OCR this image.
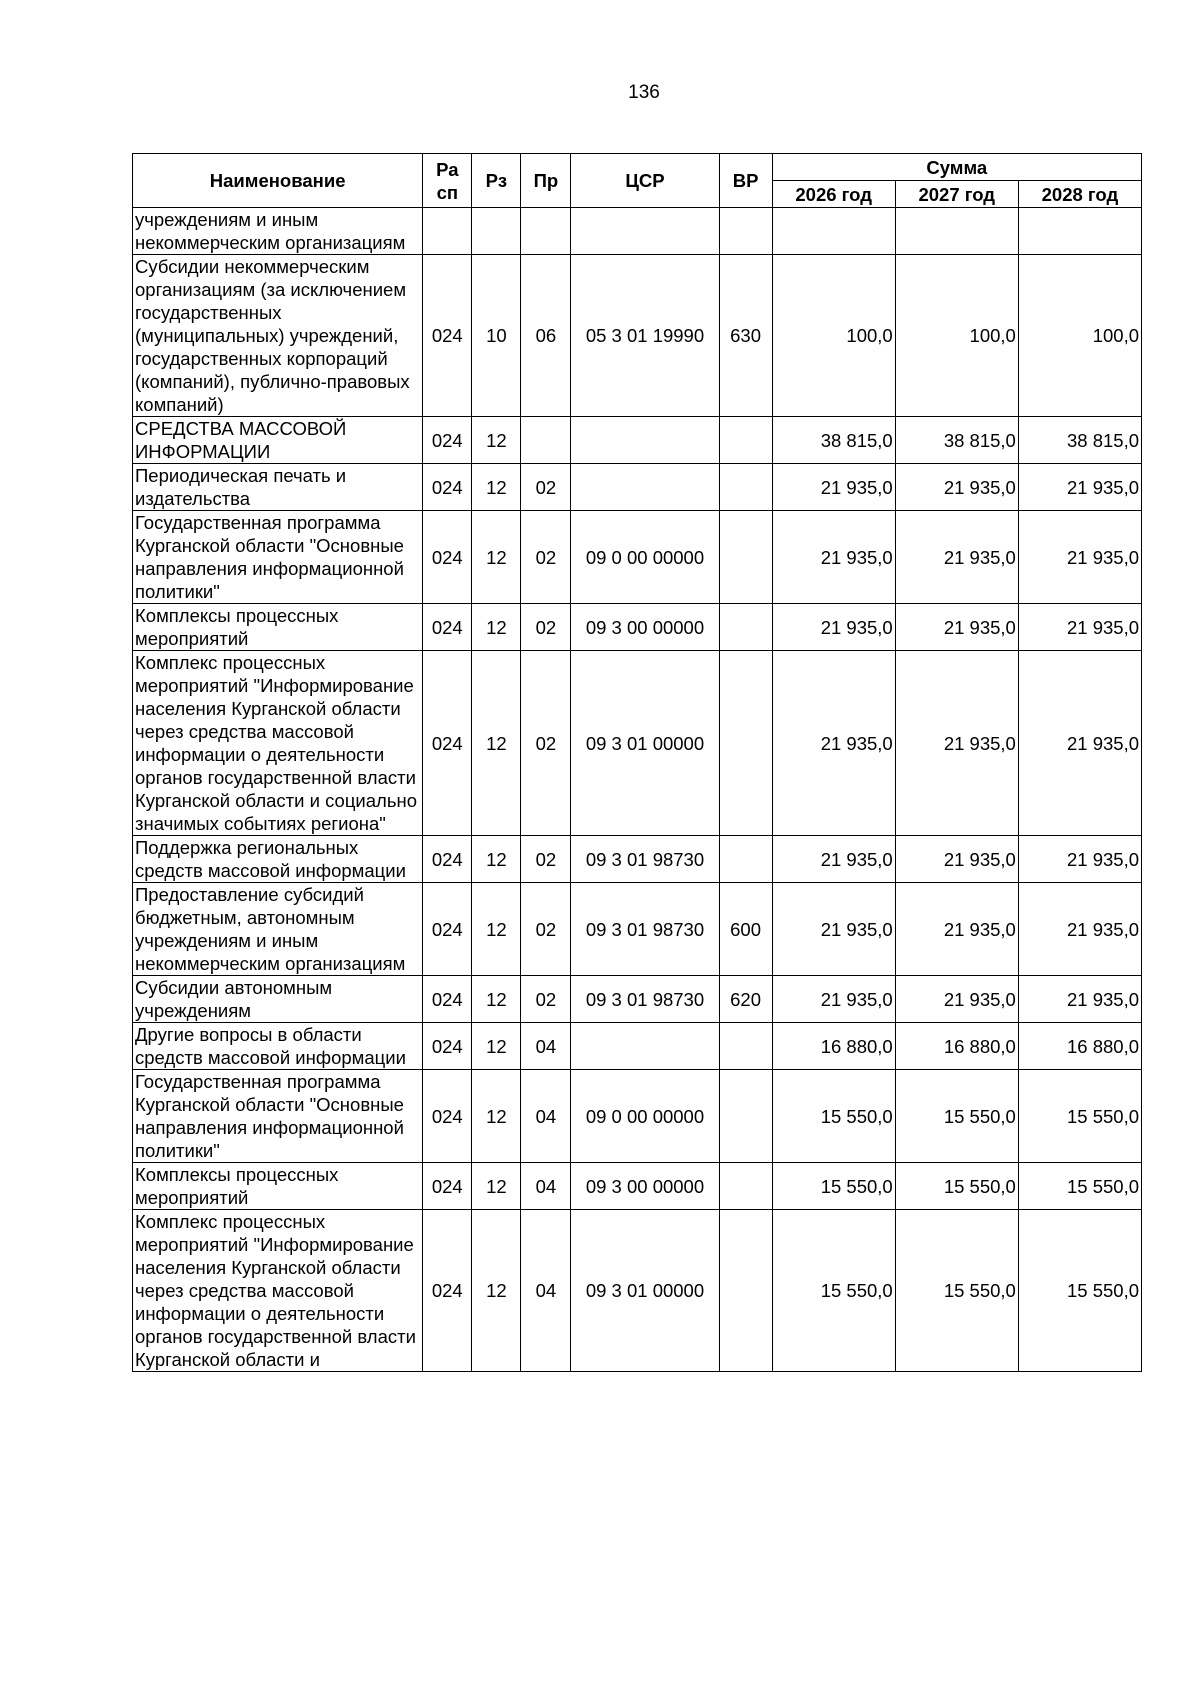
136
Наименование	Ра сп	Рз	Пр	ЦСР	ВР	Сумма		
						2026 год	2027 год	2028 год
учреждениям и иным некоммерческим организациям								
Субсидии некоммерческим организациям (за исключением государственных (муниципальных) учреждений, государственных корпораций (компаний), публично-правовых компаний)	024	10	06	05 3 01 19990	630	100,0	100,0	100,0
СРЕДСТВА МАССОВОЙ ИНФОРМАЦИИ	024	12				38 815,0	38 815,0	38 815,0
Периодическая печать и издательства	024	12	02			21 935,0	21 935,0	21 935,0
Государственная программа Курганской области "Основные направления информационной политики"	024	12	02	09 0 00 00000		21 935,0	21 935,0	21 935,0
Комплексы процессных мероприятий	024	12	02	09 3 00 00000		21 935,0	21 935,0	21 935,0
Комплекс процессных мероприятий "Информирование населения Курганской области через средства массовой информации о деятельности органов государственной власти Курганской области и социально значимых событиях региона"	024	12	02	09 3 01 00000		21 935,0	21 935,0	21 935,0
Поддержка региональных средств массовой информации	024	12	02	09 3 01 98730		21 935,0	21 935,0	21 935,0
Предоставление субсидий бюджетным, автономным учреждениям и иным некоммерческим организациям	024	12	02	09 3 01 98730	600	21 935,0	21 935,0	21 935,0
Субсидии автономным учреждениям	024	12	02	09 3 01 98730	620	21 935,0	21 935,0	21 935,0
Другие вопросы в области средств массовой информации	024	12	04			16 880,0	16 880,0	16 880,0
Государственная программа Курганской области "Основные направления информационной политики"	024	12	04	09 0 00 00000		15 550,0	15 550,0	15 550,0
Комплексы процессных мероприятий	024	12	04	09 3 00 00000		15 550,0	15 550,0	15 550,0
Комплекс процессных мероприятий "Информирование населения Курганской области через средства массовой информации о деятельности органов государственной власти Курганской области и	024	12	04	09 3 01 00000		15 550,0	15 550,0	15 550,0
